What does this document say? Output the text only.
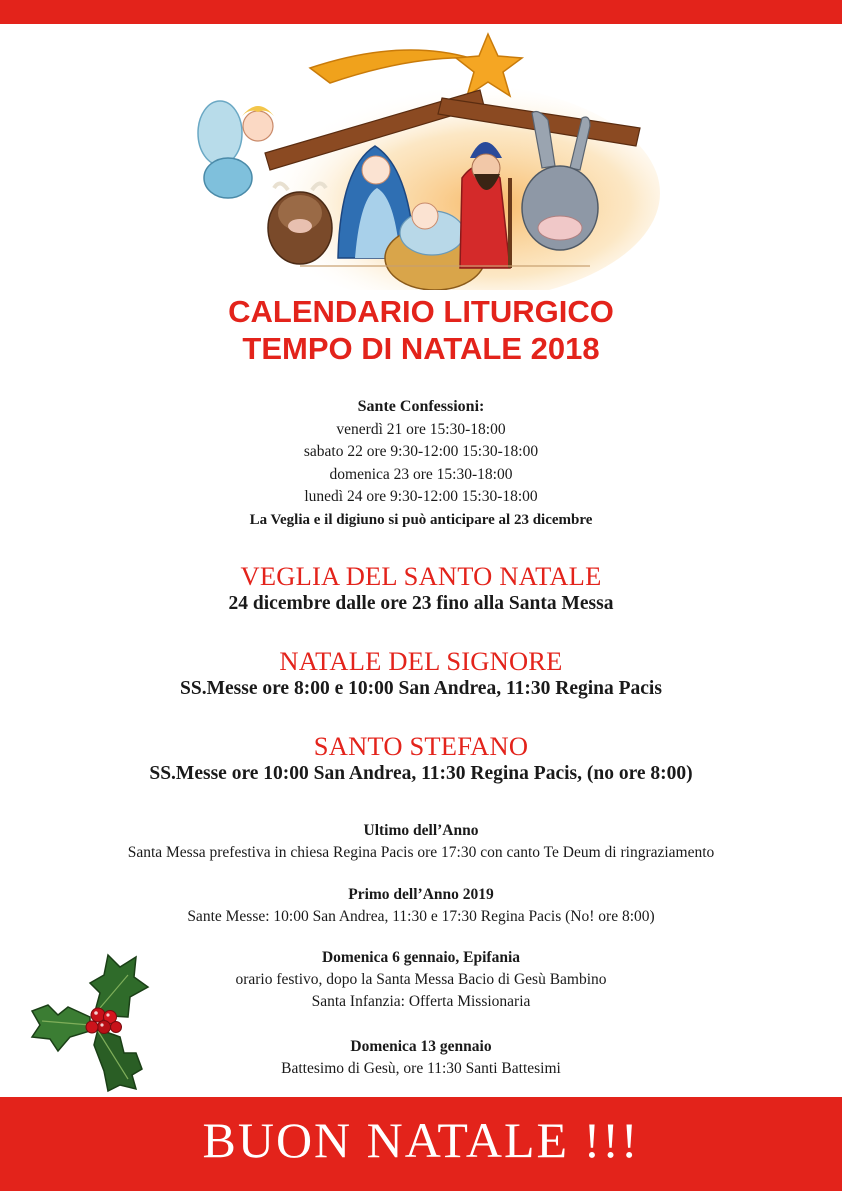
CALENDARIO LITURGICO
TEMPO DI NATALE 2018
Sante Confessioni:
venerdì 21 ore 15:30-18:00
sabato 22 ore 9:30-12:00 15:30-18:00
domenica 23 ore 15:30-18:00
lunedì 24 ore 9:30-12:00 15:30-18:00
La Veglia e il digiuno si può anticipare al 23 dicembre
VEGLIA DEL SANTO NATALE
24 dicembre dalle ore 23 fino alla Santa Messa
NATALE DEL SIGNORE
SS.Messe ore 8:00 e 10:00 San Andrea, 11:30 Regina Pacis
SANTO STEFANO
SS.Messe ore 10:00 San Andrea, 11:30 Regina Pacis, (no ore 8:00)
Ultimo dell’Anno
Santa Messa prefestiva in chiesa Regina Pacis ore 17:30 con canto Te Deum di ringraziamento
Primo dell’Anno 2019
Sante Messe: 10:00 San Andrea, 11:30 e 17:30 Regina Pacis (No! ore 8:00)
Domenica 6 gennaio, Epifania
orario festivo, dopo la Santa Messa Bacio di Gesù Bambino
Santa Infanzia: Offerta Missionaria
Domenica 13 gennaio
Battesimo di Gesù, ore 11:30 Santi Battesimi
BUON NATALE !!!
